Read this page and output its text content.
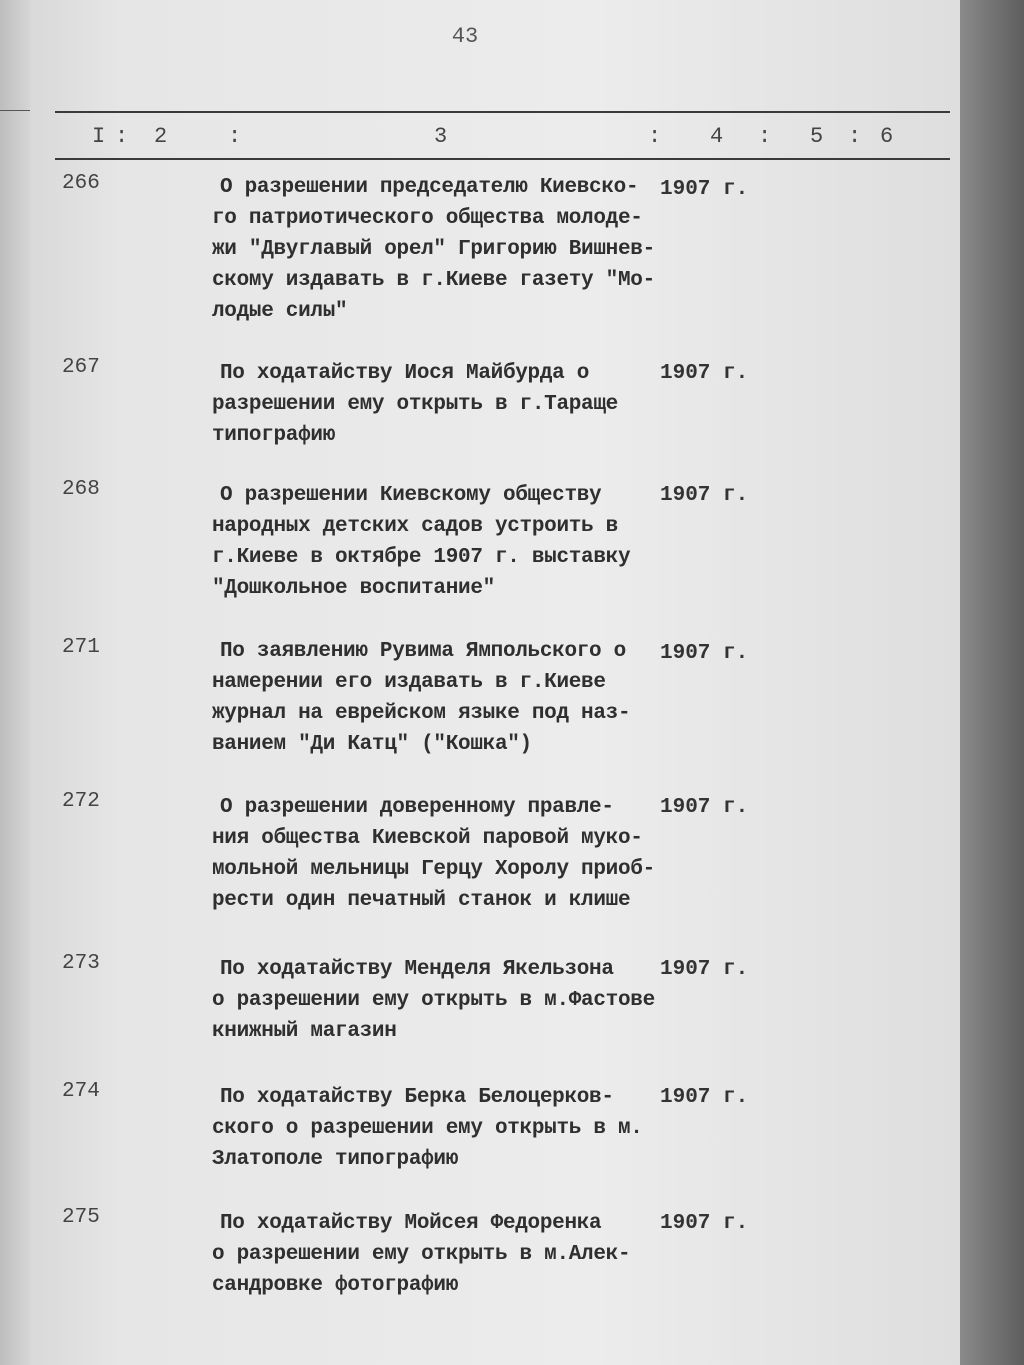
43
I : 2	:	3	: 4 : 5 : 6
266	О разрешении председателю Киевско-
го патриотического общества молоде-
жи "Двуглавый орел" Григорию Вишнев-
скому издавать в г.Киеве газету "Мо-
лодые силы"
1907 г.
267	По ходатайству Иося Майбурда о
разрешении ему открыть в г.Тараще
типографию
1907 г.
268	О разрешении Киевскому обществу
народных детских садов устроить в
г.Киеве в октябре 1907 г. выставку
"Дошкольное воспитание"
1907 г.
271	По заявлению Рувима Ямпольского о
намерении его издавать в г.Киеве
журнал на еврейском языке под наз-
ванием "Ди Катц" ("Кошка")
1907 г.
272	О разрешении доверенному правле-
ния общества Киевской паровой муко-
мольной мельницы Герцу Хоролу приоб-
рести один печатный станок и клише
1907 г.
273	По ходатайству Менделя Якельзона
о разрешении ему открыть в м.Фастове
книжный магазин
1907 г.
274	По ходатайству Берка Белоцерков-
ского о разрешении ему открыть в м.
Златополе типографию
1907 г.
275	По ходатайству Мойсея Федоренка
о разрешении ему открыть в м.Алек-
сандровке фотографию
1907 г.
